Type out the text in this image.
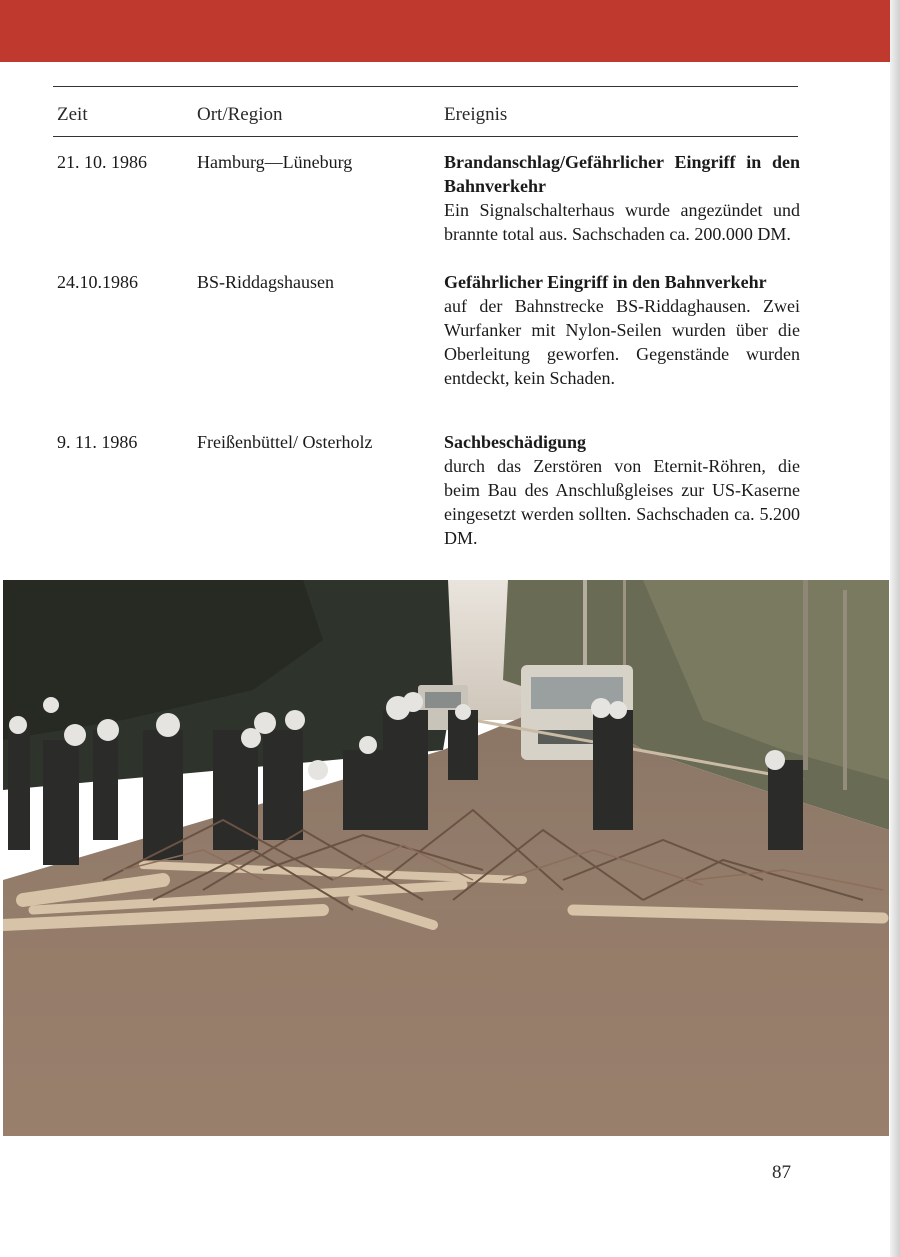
Zeit	Ort/Region	Ereignis
21. 10. 1986	Hamburg—Lüneburg	Brandanschlag/Gefährlicher Eingriff in den Bahnverkehr
Ein Signalschalterhaus wurde angezündet und brannte total aus. Sachschaden ca. 200.000 DM.
24.10.1986	BS-Riddagshausen	Gefährlicher Eingriff in den Bahnverkehr
auf der Bahnstrecke BS-Riddaghausen. Zwei Wurfanker mit Nylon-Seilen wurden über die Oberleitung geworfen. Gegenstände wurden entdeckt, kein Schaden.
9. 11. 1986	Freißenbüttel/ Osterholz	Sachbeschädigung
durch das Zerstören von Eternit-Röhren, die beim Bau des Anschlußgleises zur US-Kaserne eingesetzt werden sollten. Sachschaden ca. 5.200 DM.
87
